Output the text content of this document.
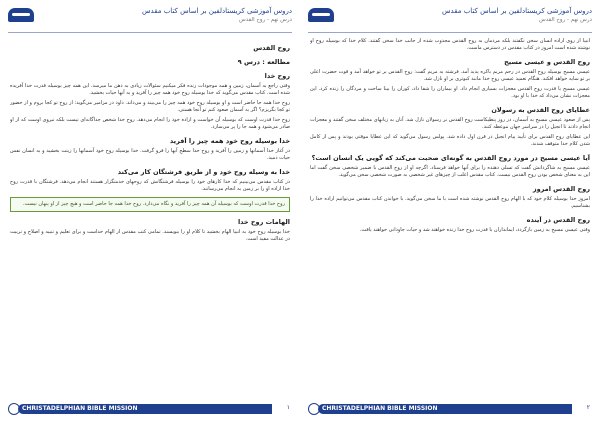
دروس آموزشی کریستادلفین بر اساس کتاب مقدس
درس نهم - روح القدس
روح القدس
مطالعه : درس ۹
روح خدا
وقتی راجع به آسمان، زمین و همه موجودات زنده فکر میکنیم سئوالات زیادی به ذهن ما میرسد. این همه چیز بوسیله قدرت خدا آفریده شده است. کتاب مقدس می‌گوید که خدا بوسیله روح خود همه چیز را آفرید و به آنها حیات بخشید.
روح خدا همه جا حاضر است و او بوسیله روح خود همه چیز را می‌بیند و می‌داند. داود در مزامیر می‌گوید: از روح تو کجا بروم و از حضور تو کجا بگریزم؟ اگر به آسمان صعود کنم تو آنجا هستی.
روح خدا قدرت اوست که بوسیله آن خواست و اراده خود را انجام می‌دهد. روح خدا شخص جداگانه‌ای نیست بلکه نیروی اوست که از او صادر می‌شود و همه جا را پر می‌سازد.
خدا بوسیله روح خود همه چیز را آفرید
در آغاز خدا آسمانها و زمین را آفرید و روح خدا سطح آبها را فرو گرفت. خدا بوسیله روح خود آسمانها را زینت بخشید و به انسان نفس حیات دمید.
خدا به وسیله روح خود و از طریق فرشتگان کار می‌کند
در کتاب مقدس می‌بینیم که خدا کارهای خود را بوسیله فرشتگانش که روحهای خدمتگزار هستند انجام می‌دهد. فرشتگان با قدرت روح خدا اراده او را بر زمین به انجام می‌رسانند.
روح خدا قدرت اوست که بوسیله آن همه چیز را آفرید و نگاه می‌دارد. روح خدا همه جا حاضر است و هیچ چیز از او پنهان نیست.
الهامات روح خدا
خدا بوسیله روح خود به انبیا الهام بخشید تا کلام او را بنویسند. تمامی کتب مقدس از الهام خداست و برای تعلیم و تنبیه و اصلاح و تربیت در عدالت مفید است.
CHRISTADELPHIAN BIBLE MISSION	۱
دروس آموزشی کریستادلفین بر اساس کتاب مقدس
درس نهم - روح القدس
انبیا از روی اراده انسان سخن نگفتند بلکه مردمان به روح القدس مجذوب شده از جانب خدا سخن گفتند. کلام خدا که بوسیله روح او نوشته شده است امروز در کتاب مقدس در دسترس ماست.
روح القدس و عیسی مسیح
عیسی مسیح بوسیله روح القدس در رحم مریم باکره پدید آمد. فرشته به مریم گفت: روح القدس بر تو خواهد آمد و قوت حضرت اعلی بر تو سایه خواهد افکند. هنگام تعمید عیسی روح خدا مانند کبوتری بر او نازل شد.
عیسی مسیح با قدرت روح القدس معجزات بسیاری انجام داد. او بیماران را شفا داد، کوران را بینا ساخت و مردگان را زنده کرد. این معجزات نشان می‌داد که خدا با او بود.
عطایای روح القدس به رسولان
پس از صعود عیسی مسیح به آسمان، در روز پنطیکاست روح القدس بر رسولان نازل شد. آنان به زبانهای مختلف سخن گفتند و معجزات انجام دادند تا انجیل را در سراسر جهان موعظه کنند.
این عطایای روح القدس برای تأیید پیام انجیل در قرن اول داده شد. پولس رسول می‌گوید که این عطایا موقتی بودند و پس از کامل شدن کلام خدا متوقف شدند.
آیا عیسی مسیح در مورد روح القدس به گونه‌ای صحبت می‌کند که گویی یک انسان است؟
عیسی مسیح به شاگردانش گفت که تسلی دهنده را برای آنها خواهد فرستاد. اگرچه او از روح القدس با ضمیر شخصی سخن گفت اما این به معنای شخص بودن روح القدس نیست. کتاب مقدس اغلب از چیزهای غیر شخصی به صورت شخصی سخن می‌گوید.
روح القدس امروز
امروز خدا بوسیله کلام خود که با الهام روح القدس نوشته شده است با ما سخن می‌گوید. با خواندن کتاب مقدس می‌توانیم اراده خدا را بشناسیم.
روح القدس در آینده
وقتی عیسی مسیح به زمین بازگردد، ایمانداران با قدرت روح خدا زنده خواهند شد و حیات جاودانی خواهند یافت.
CHRISTADELPHIAN BIBLE MISSION	۲
